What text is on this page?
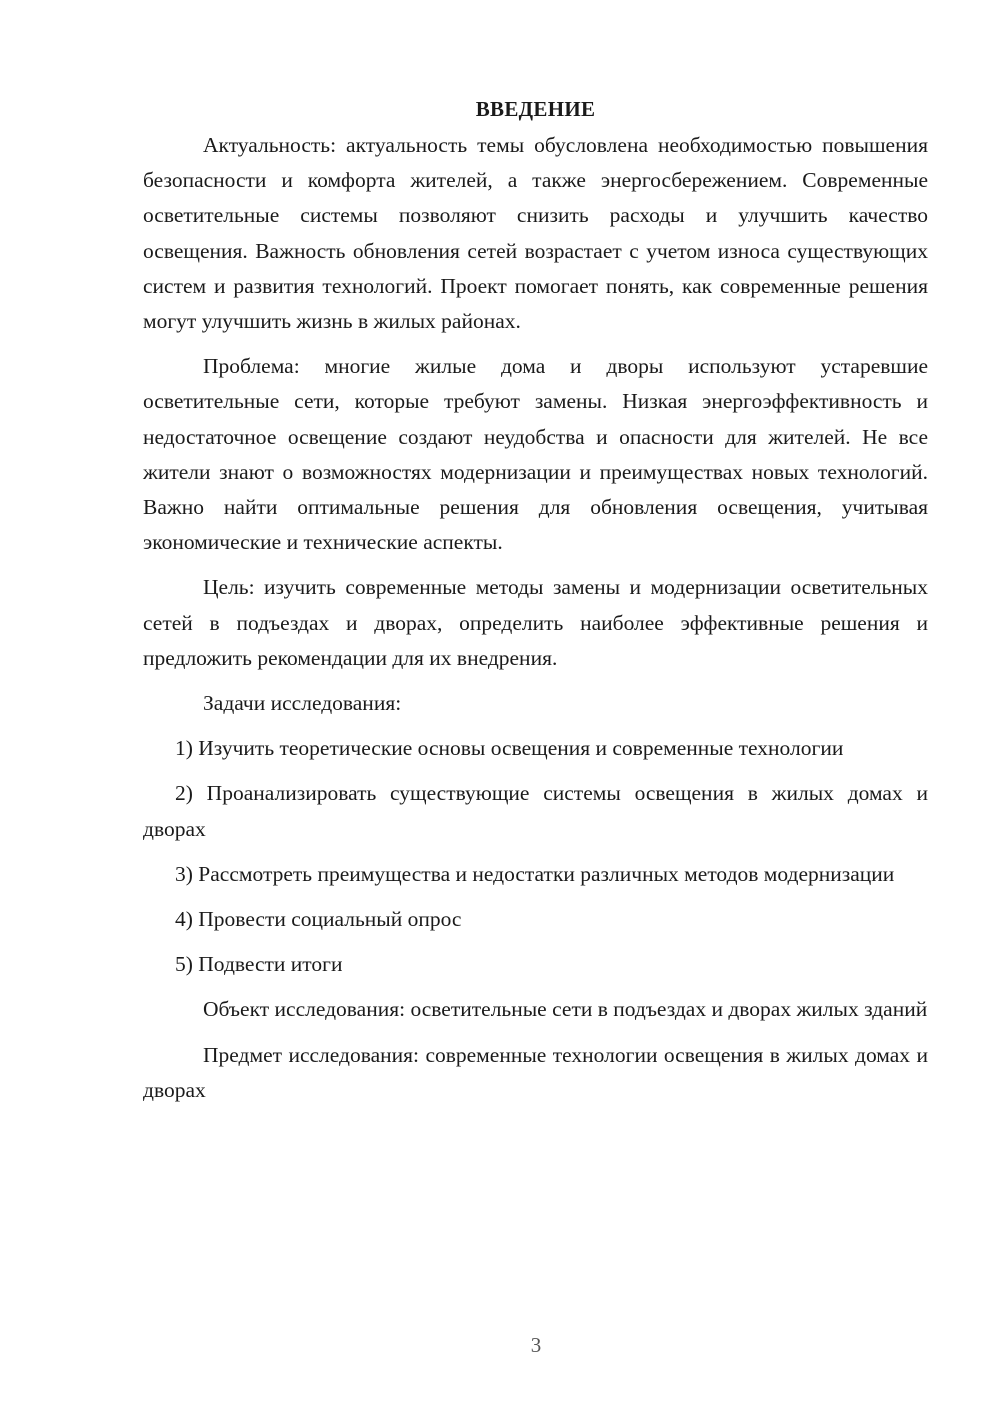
ВВЕДЕНИЕ

Актуальность: актуальность темы обусловлена необходимостью повышения безопасности и комфорта жителей, а также энергосбережением. Современные осветительные системы позволяют снизить расходы и улучшить качество освещения. Важность обновления сетей возрастает с учетом износа существующих систем и развития технологий. Проект помогает понять, как современные решения могут улучшить жизнь в жилых районах.

Проблема: многие жилые дома и дворы используют устаревшие осветительные сети, которые требуют замены. Низкая энергоэффективность и недостаточное освещение создают неудобства и опасности для жителей. Не все жители знают о возможностях модернизации и преимуществах новых технологий. Важно найти оптимальные решения для обновления освещения, учитывая экономические и технические аспекты.

Цель: изучить современные методы замены и модернизации осветительных сетей в подъездах и дворах, определить наиболее эффективные решения и предложить рекомендации для их внедрения.

Задачи исследования:

1) Изучить теоретические основы освещения и современные технологии

2) Проанализировать существующие системы освещения в жилых домах и дворах

3) Рассмотреть преимущества и недостатки различных методов модернизации

4) Провести социальный опрос

5) Подвести итоги

Объект исследования: осветительные сети в подъездах и дворах жилых зданий

Предмет исследования: современные технологии освещения в жилых домах и дворах

3
